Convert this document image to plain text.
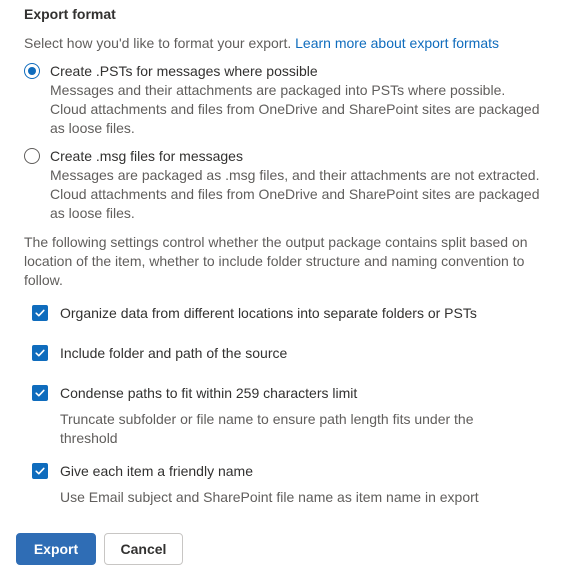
Export format
Select how you'd like to format your export. Learn more about export formats
Create .PSTs for messages where possible
Messages and their attachments are packaged into PSTs where possible. Cloud attachments and files from OneDrive and SharePoint sites are packaged as loose files.
Create .msg files for messages
Messages are packaged as .msg files, and their attachments are not extracted. Cloud attachments and files from OneDrive and SharePoint sites are packaged as loose files.
The following settings control whether the output package contains split based on location of the item, whether to include folder structure and naming convention to follow.
Organize data from different locations into separate folders or PSTs
Include folder and path of the source
Condense paths to fit within 259 characters limit
Truncate subfolder or file name to ensure path length fits under the threshold
Give each item a friendly name
Use Email subject and SharePoint file name as item name in export
Export	Cancel
